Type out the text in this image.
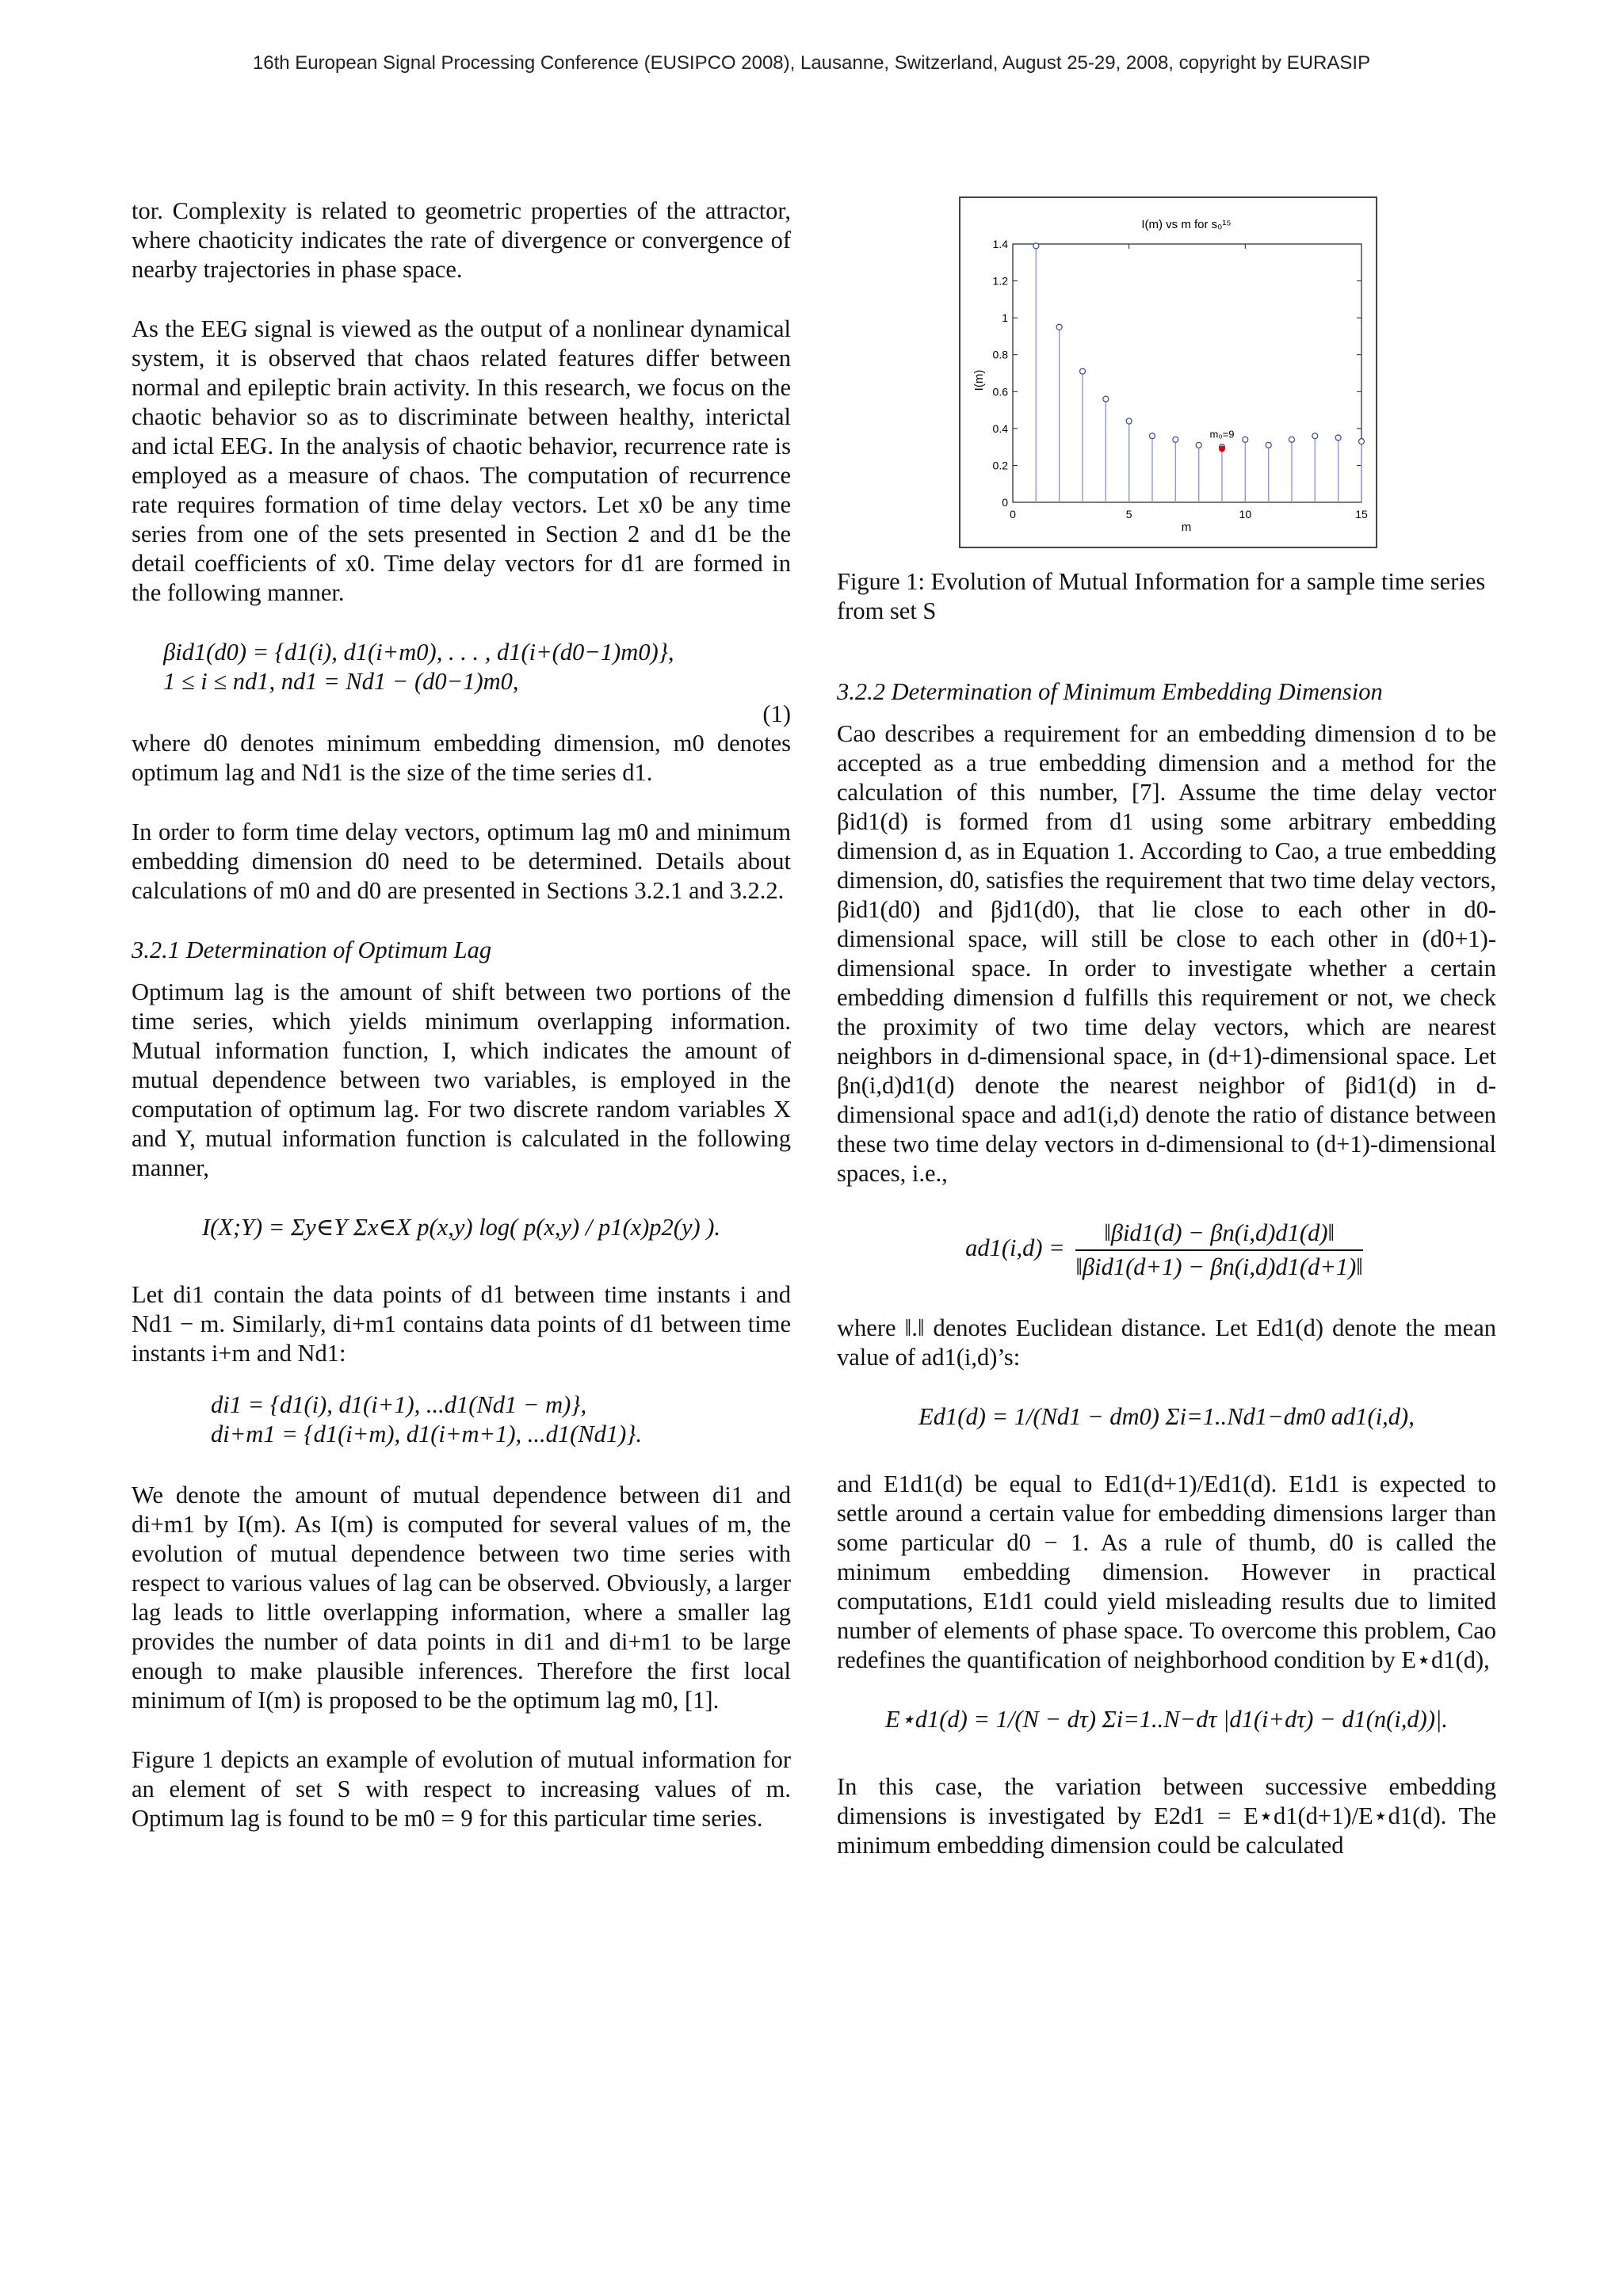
16th European Signal Processing Conference (EUSIPCO 2008), Lausanne, Switzerland, August 25-29, 2008, copyright by EURASIP

tor. Complexity is related to geometric properties of the attractor, where chaoticity indicates the rate of divergence or convergence of nearby trajectories in phase space.

As the EEG signal is viewed as the output of a nonlinear dynamical system, it is observed that chaos related features differ between normal and epileptic brain activity. In this research, we focus on the chaotic behavior so as to discriminate between healthy, interictal and ictal EEG. In the analysis of chaotic behavior, recurrence rate is employed as a measure of chaos. The computation of recurrence rate requires formation of time delay vectors. Let x0 be any time series from one of the sets presented in Section 2 and d1 be the detail coefficients of x0. Time delay vectors for d1 are formed in the following manner.

βid1(d0) = {d1(i), d1(i+m0), . . . , d1(i+(d0−1)m0)},
1 ≤ i ≤ nd1, nd1 = Nd1 − (d0−1)m0,
(1)

where d0 denotes minimum embedding dimension, m0 denotes optimum lag and Nd1 is the size of the time series d1.

In order to form time delay vectors, optimum lag m0 and minimum embedding dimension d0 need to be determined. Details about calculations of m0 and d0 are presented in Sections 3.2.1 and 3.2.2.

3.2.1 Determination of Optimum Lag

Optimum lag is the amount of shift between two portions of the time series, which yields minimum overlapping information. Mutual information function, I, which indicates the amount of mutual dependence between two variables, is employed in the computation of optimum lag. For two discrete random variables X and Y, mutual information function is calculated in the following manner,

I(X;Y) = Σy∈Y Σx∈X p(x,y) log( p(x,y) / p1(x)p2(y) ).

Let di1 contain the data points of d1 between time instants i and Nd1 − m. Similarly, di+m1 contains data points of d1 between time instants i+m and Nd1:

di1 = {d1(i), d1(i+1), ...d1(Nd1 − m)},
di+m1 = {d1(i+m), d1(i+m+1), ...d1(Nd1)}.

We denote the amount of mutual dependence between di1 and di+m1 by I(m). As I(m) is computed for several values of m, the evolution of mutual dependence between two time series with respect to various values of lag can be observed. Obviously, a larger lag leads to little overlapping information, where a smaller lag provides the number of data points in di1 and di+m1 to be large enough to make plausible inferences. Therefore the first local minimum of I(m) is proposed to be the optimum lag m0, [1].

Figure 1 depicts an example of evolution of mutual information for an element of set S with respect to increasing values of m. Optimum lag is found to be m0 = 9 for this particular time series.

I(m) vs m for s₀¹⁵
I(m)
m
0
0.2
0.4
0.6
0.8
1
1.2
1.4
0	5	10	15
m₀=9
Figure 1: Evolution of Mutual Information for a sample time series from set S
3.2.2 Determination of Minimum Embedding Dimension

Cao describes a requirement for an embedding dimension d to be accepted as a true embedding dimension and a method for the calculation of this number, [7]. Assume the time delay vector βid1(d) is formed from d1 using some arbitrary embedding dimension d, as in Equation 1. According to Cao, a true embedding dimension, d0, satisfies the requirement that two time delay vectors, βid1(d0) and βjd1(d0), that lie close to each other in d0-dimensional space, will still be close to each other in (d0+1)-dimensional space. In order to investigate whether a certain embedding dimension d fulfills this requirement or not, we check the proximity of two time delay vectors, which are nearest neighbors in d-dimensional space, in (d+1)-dimensional space. Let βn(i,d)d1(d) denote the nearest neighbor of βid1(d) in d-dimensional space and ad1(i,d) denote the ratio of distance between these two time delay vectors in d-dimensional to (d+1)-dimensional spaces, i.e.,

$ad1(i,d) = \frac{\text{‖βid1(d) − βn(i,d)d1(d)‖}}{\text{‖βid1(d+1) − βn(i,d)d1(d+1)‖}}$

where ‖.‖ denotes Euclidean distance. Let Ed1(d) denote the mean value of ad1(i,d)’s:

Ed1(d) = 1/(Nd1 − dm0) Σi=1..Nd1−dm0 ad1(i,d),

and E1d1(d) be equal to Ed1(d+1)/Ed1(d). E1d1 is expected to settle around a certain value for embedding dimensions larger than some particular d0 − 1. As a rule of thumb, d0 is called the minimum embedding dimension. However in practical computations, E1d1 could yield misleading results due to limited number of elements of phase space. To overcome this problem, Cao redefines the quantification of neighborhood condition by E⋆d1(d),

E⋆d1(d) = 1/(N − dτ) Σi=1..N−dτ |d1(i+dτ) − d1(n(i,d))|.

In this case, the variation between successive embedding dimensions is investigated by E2d1 = E⋆d1(d+1)/E⋆d1(d). The minimum embedding dimension could be calculated
